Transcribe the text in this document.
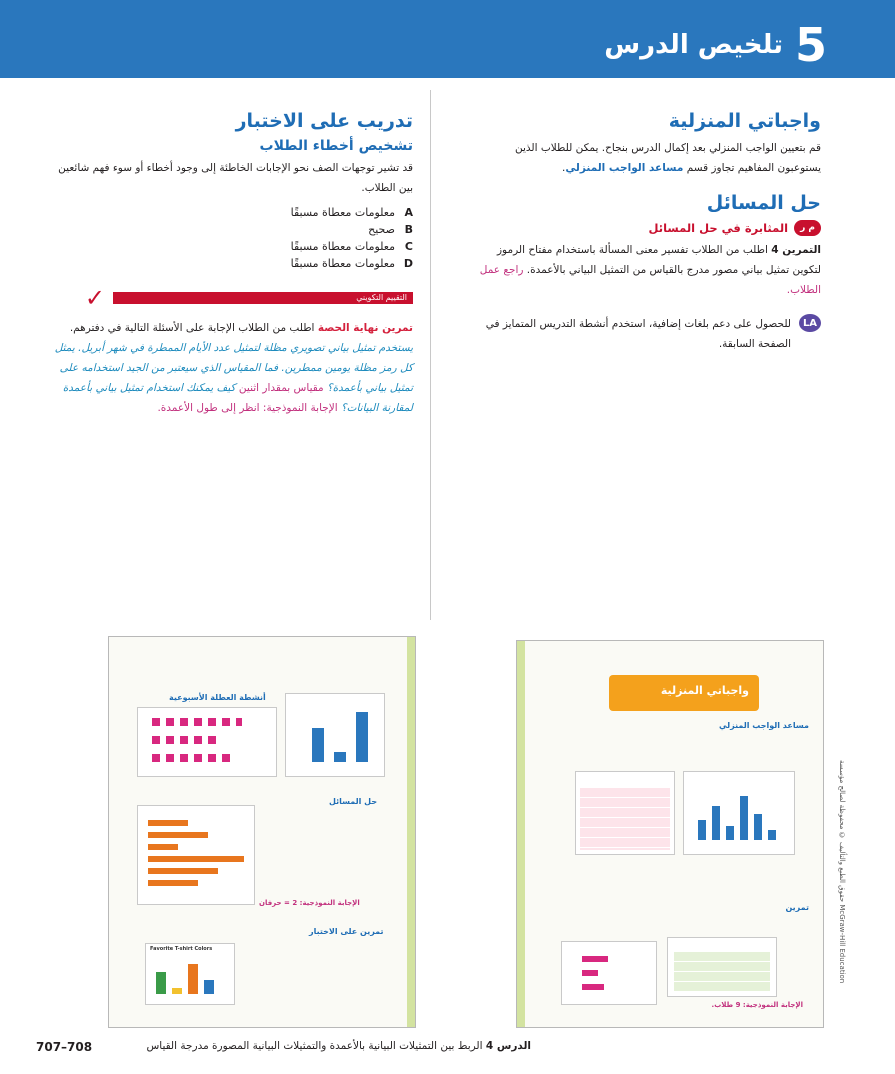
5
تلخيص الدرس
واجباتي المنزلية

قم بتعيين الواجب المنزلي بعد إكمال الدرس بنجاح. يمكن للطلاب الذين يستوعبون المفاهيم تجاوز قسم مساعد الواجب المنزلي.

حل المسائل
م ر
المثابرة في حل المسائل

التمرين 4 اطلب من الطلاب تفسير معنى المسألة باستخدام مفتاح الرموز لتكوين تمثيل بياني مصور مدرج بالقياس من التمثيل البياني بالأعمدة. راجع عمل الطلاب.

LA

للحصول على دعم بلغات إضافية، استخدم أنشطة التدريس المتمايز في الصفحة السابقة.

تدريب على الاختبار
تشخيص أخطاء الطلاب

قد تشير توجهات الصف نحو الإجابات الخاطئة إلى وجود أخطاء أو سوء فهم شائعين بين الطلاب.

A
معلومات معطاة مسبقًا
B
صحيح
C
معلومات معطاة مسبقًا
D
معلومات معطاة مسبقًا
التقييم التكويني
✓

تمرين نهاية الحصة اطلب من الطلاب الإجابة على الأسئلة التالية في دفترهم. يستخدم تمثيل بياني تصويري مظلة لتمثيل عدد الأيام الممطرة في شهر أبريل. يمثل كل رمز مظلة يومين ممطرين. فما المقياس الذي سيعتبر من الجيد استخدامه على تمثيل بياني بأعمدة؟ مقياس بمقدار اثنين كيف يمكنك استخدام تمثيل بياني بأعمدة لمقارنة البيانات؟ الإجابة النموذجية: انظر إلى طول الأعمدة.

أنشطة العطلة الأسبوعية
حل المسائل
الإجابة النموذجية: 2 = حرفان
تمرين على الاختبار
Favorite T-shirt Colors
واجباتي المنزلية
مساعد الواجب المنزلي
تمرين
الإجابة النموذجية: 9 طلاب.
حقوق الطبع والتأليف © محفوظة لصالح مؤسسة McGraw-Hill Education
الدرس 4 الربط بين التمثيلات البيانية بالأعمدة والتمثيلات البيانية المصورة مدرجة القياس
707–708
